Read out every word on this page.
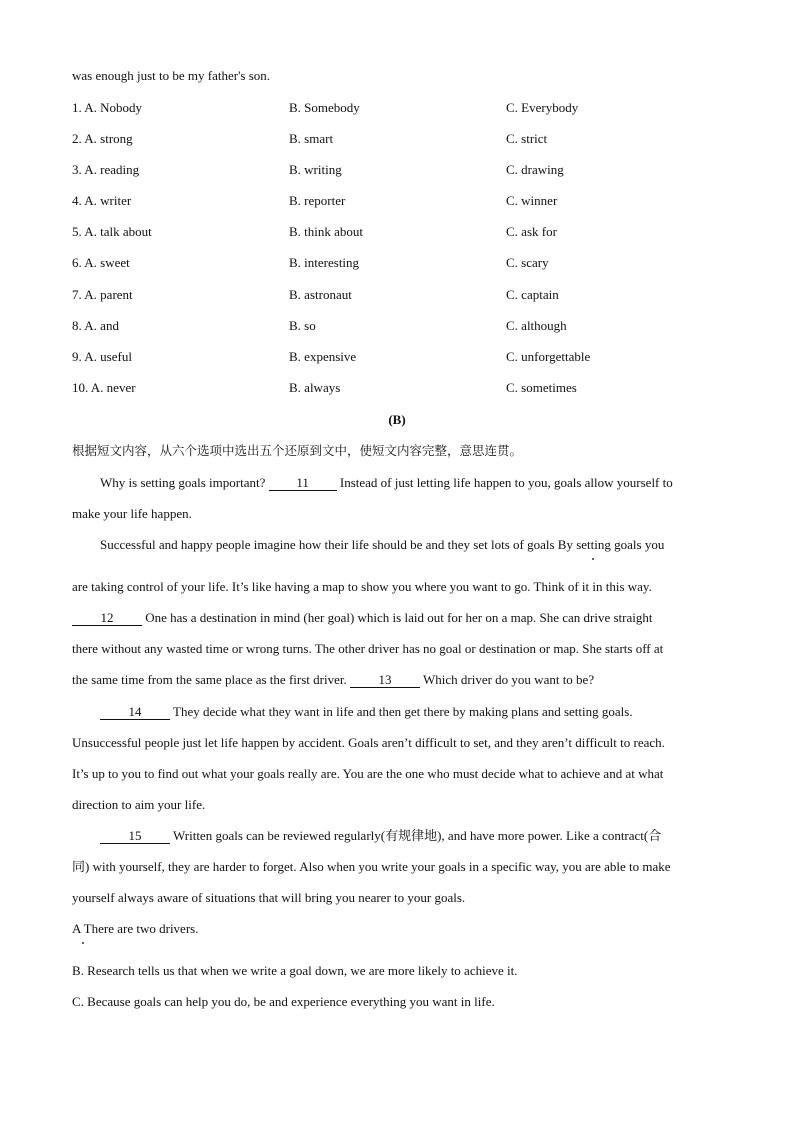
was enough just to be my father's son.
1. A. Nobody	B. Somebody	C. Everybody
2. A. strong	B. smart	C. strict
3. A. reading	B. writing	C. drawing
4. A. writer	B. reporter	C. winner
5. A. talk about	B. think about	C. ask for
6. A. sweet	B. interesting	C. scary
7. A. parent	B. astronaut	C. captain
8. A. and	B. so	C. although
9. A. useful	B. expensive	C. unforgettable
10. A. never	B. always	C. sometimes
(B)
根据短文内容，从六个选项中选出五个还原到文中，使短文内容完整，意思连贯。
Why is setting goals important? 11 Instead of just letting life happen to you, goals allow yourself to
make your life happen.
Successful and happy people imagine how their life should be and they set lots of goals By setting goals you
are taking control of your life. It’s like having a map to show you where you want to go. Think of it in this way.
12 One has a destination in mind (her goal) which is laid out for her on a map. She can drive straight
there without any wasted time or wrong turns. The other driver has no goal or destination or map. She starts off at
the same time from the same place as the first driver. 13 Which driver do you want to be?
14 They decide what they want in life and then get there by making plans and setting goals.
Unsuccessful people just let life happen by accident. Goals aren’t difficult to set, and they aren’t difficult to reach.
It’s up to you to find out what your goals really are. You are the one who must decide what to achieve and at what
direction to aim your life.
15 Written goals can be reviewed regularly(有规律地), and have more power. Like a contract(合
同) with yourself, they are harder to forget. Also when you write your goals in a specific way, you are able to make
yourself always aware of situations that will bring you nearer to your goals.
A There are two drivers.
B. Research tells us that when we write a goal down, we are more likely to achieve it.
C. Because goals can help you do, be and experience everything you want in life.
